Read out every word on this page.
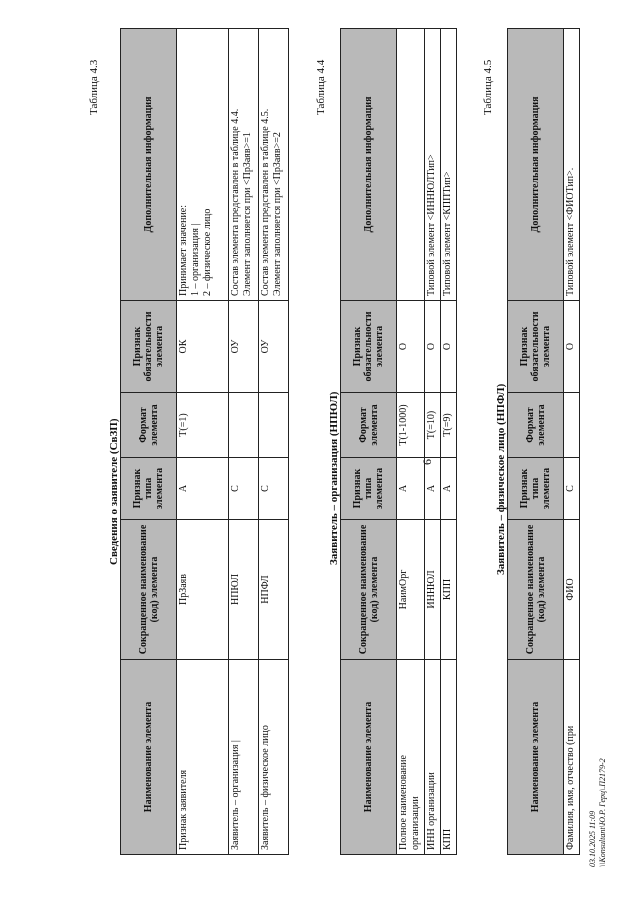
6
Таблица 4.3
Сведения о заявителе (СвЗП)
Наименование элемента	Сокращенное наименование (код) элемента	Признак типа элемента	Формат элемента	Признак обязательности элемента	Дополнительная информация
Признак заявителя	ПрЗаяв	А	Т(=1)	ОК	Принимает значение: 1 – организация | 2 – физическое лицо

Заявитель – организация |	НПЮЛ	С		ОУ	Состав элемента представлен в таблице 4.4. Элемент заполняется при <ПрЗаяв>=1

Заявитель – физическое лицо	НПФЛ	С		ОУ	Состав элемента представлен в таблице 4.5. Элемент заполняется при <ПрЗаяв>=2
Таблица 4.4
Заявитель – организация (НПЮЛ)
Наименование элемента	Сокращенное наименование (код) элемента	Признак типа элемента	Формат элемента	Признак обязательности элемента	Дополнительная информация

Полное наименование организации	НаимОрг	А	Т(1-1000)	О	
ИНН организации	ИННЮЛ	А	Т(=10)	О	Типовой элемент <ИННЮЛТип>
КПП	КПП	А	Т(=9)	О	Типовой элемент <КППТип>
Таблица 4.5
Заявитель – физическое лицо (НПФЛ)
Наименование элемента	Сокращенное наименование (код) элемента	Признак типа элемента	Формат элемента	Признак обязательности элемента	Дополнительная информация
Фамилия, имя, отчество (при	ФИО	С		О	Типовой элемент <ФИОТип>.
03.10.2025 11:09 \\Konsultant\Ю.Р. Герц\.П2179-2
